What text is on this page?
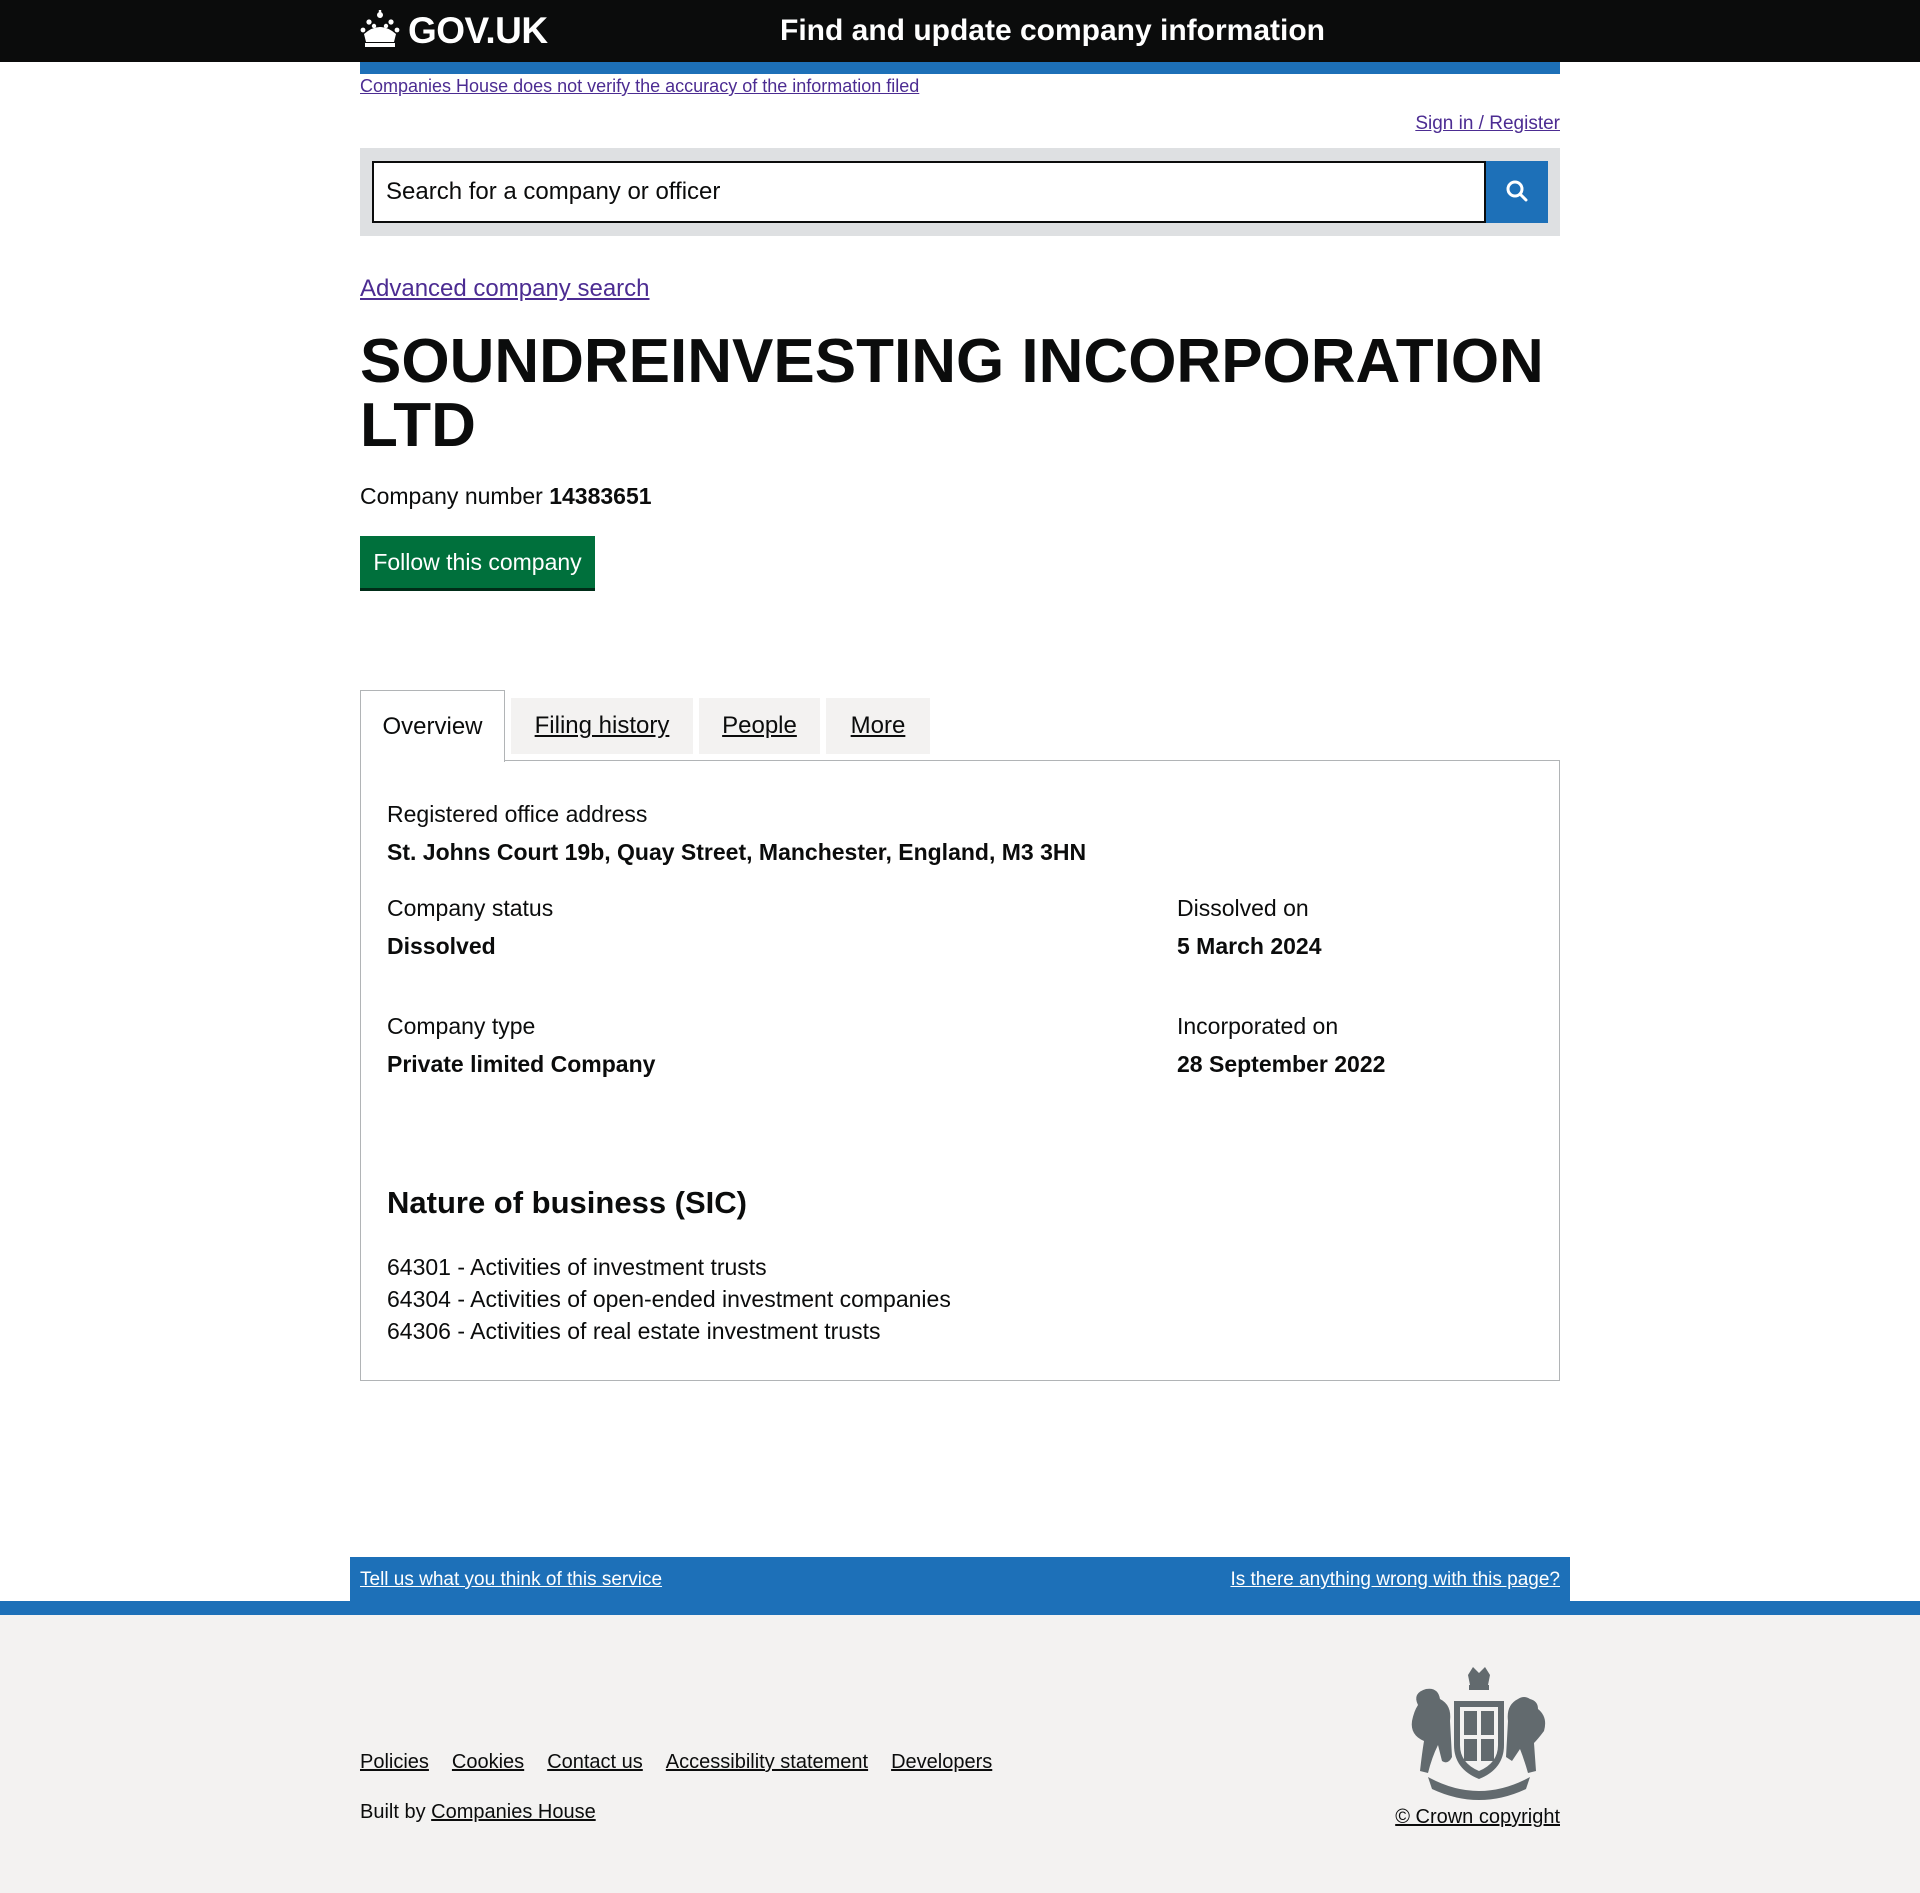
GOV.UK	Find and update company information
Companies House does not verify the accuracy of the information filed
Sign in / Register
Search for a company or officer
Advanced company search
SOUNDREINVESTING INCORPORATION LTD

Company number 14383651

Follow this company
Overview	Filing history	People	More
Registered office address
St. Johns Court 19b, Quay Street, Manchester, England, M3 3HN
Company status
Dissolved
Dissolved on
5 March 2024
Company type
Private limited Company
Incorporated on
28 September 2022
Nature of business (SIC)
64301 - Activities of investment trusts
64304 - Activities of open-ended investment companies
64306 - Activities of real estate investment trusts
Tell us what you think of this service	Is there anything wrong with this page?
Policies Cookies Contact us Accessibility statement Developers

Built by Companies House	© Crown copyright
